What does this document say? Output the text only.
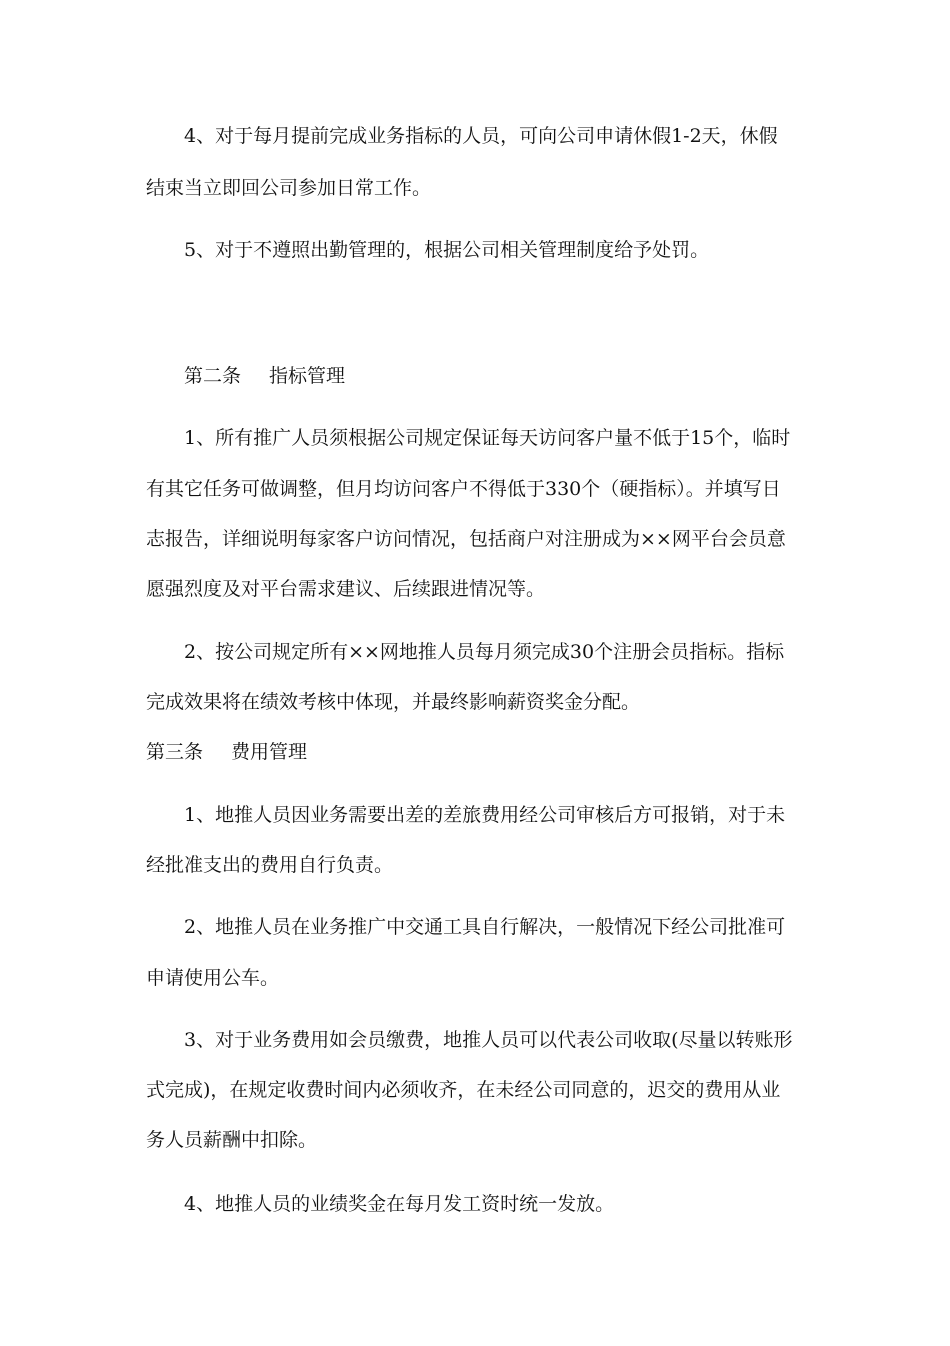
4、对于每月提前完成业务指标的人员，可向公司申请休假1-2天，休假
结束当立即回公司参加日常工作。
5、对于不遵照出勤管理的，根据公司相关管理制度给予处罚。
第二条 指标管理
1、所有推广人员须根据公司规定保证每天访问客户量不低于15个，临时
有其它任务可做调整，但月均访问客户不得低于330个（硬指标）。并填写日
志报告，详细说明每家客户访问情况，包括商户对注册成为××网平台会员意
愿强烈度及对平台需求建议、后续跟进情况等。
2、按公司规定所有××网地推人员每月须完成30个注册会员指标。指标
完成效果将在绩效考核中体现，并最终影响薪资奖金分配。
第三条 费用管理
1、地推人员因业务需要出差的差旅费用经公司审核后方可报销，对于未
经批准支出的费用自行负责。
2、地推人员在业务推广中交通工具自行解决，一般情况下经公司批准可
申请使用公车。
3、对于业务费用如会员缴费，地推人员可以代表公司收取(尽量以转账形
式完成)，在规定收费时间内必须收齐，在未经公司同意的，迟交的费用从业
务人员薪酬中扣除。
4、地推人员的业绩奖金在每月发工资时统一发放。
